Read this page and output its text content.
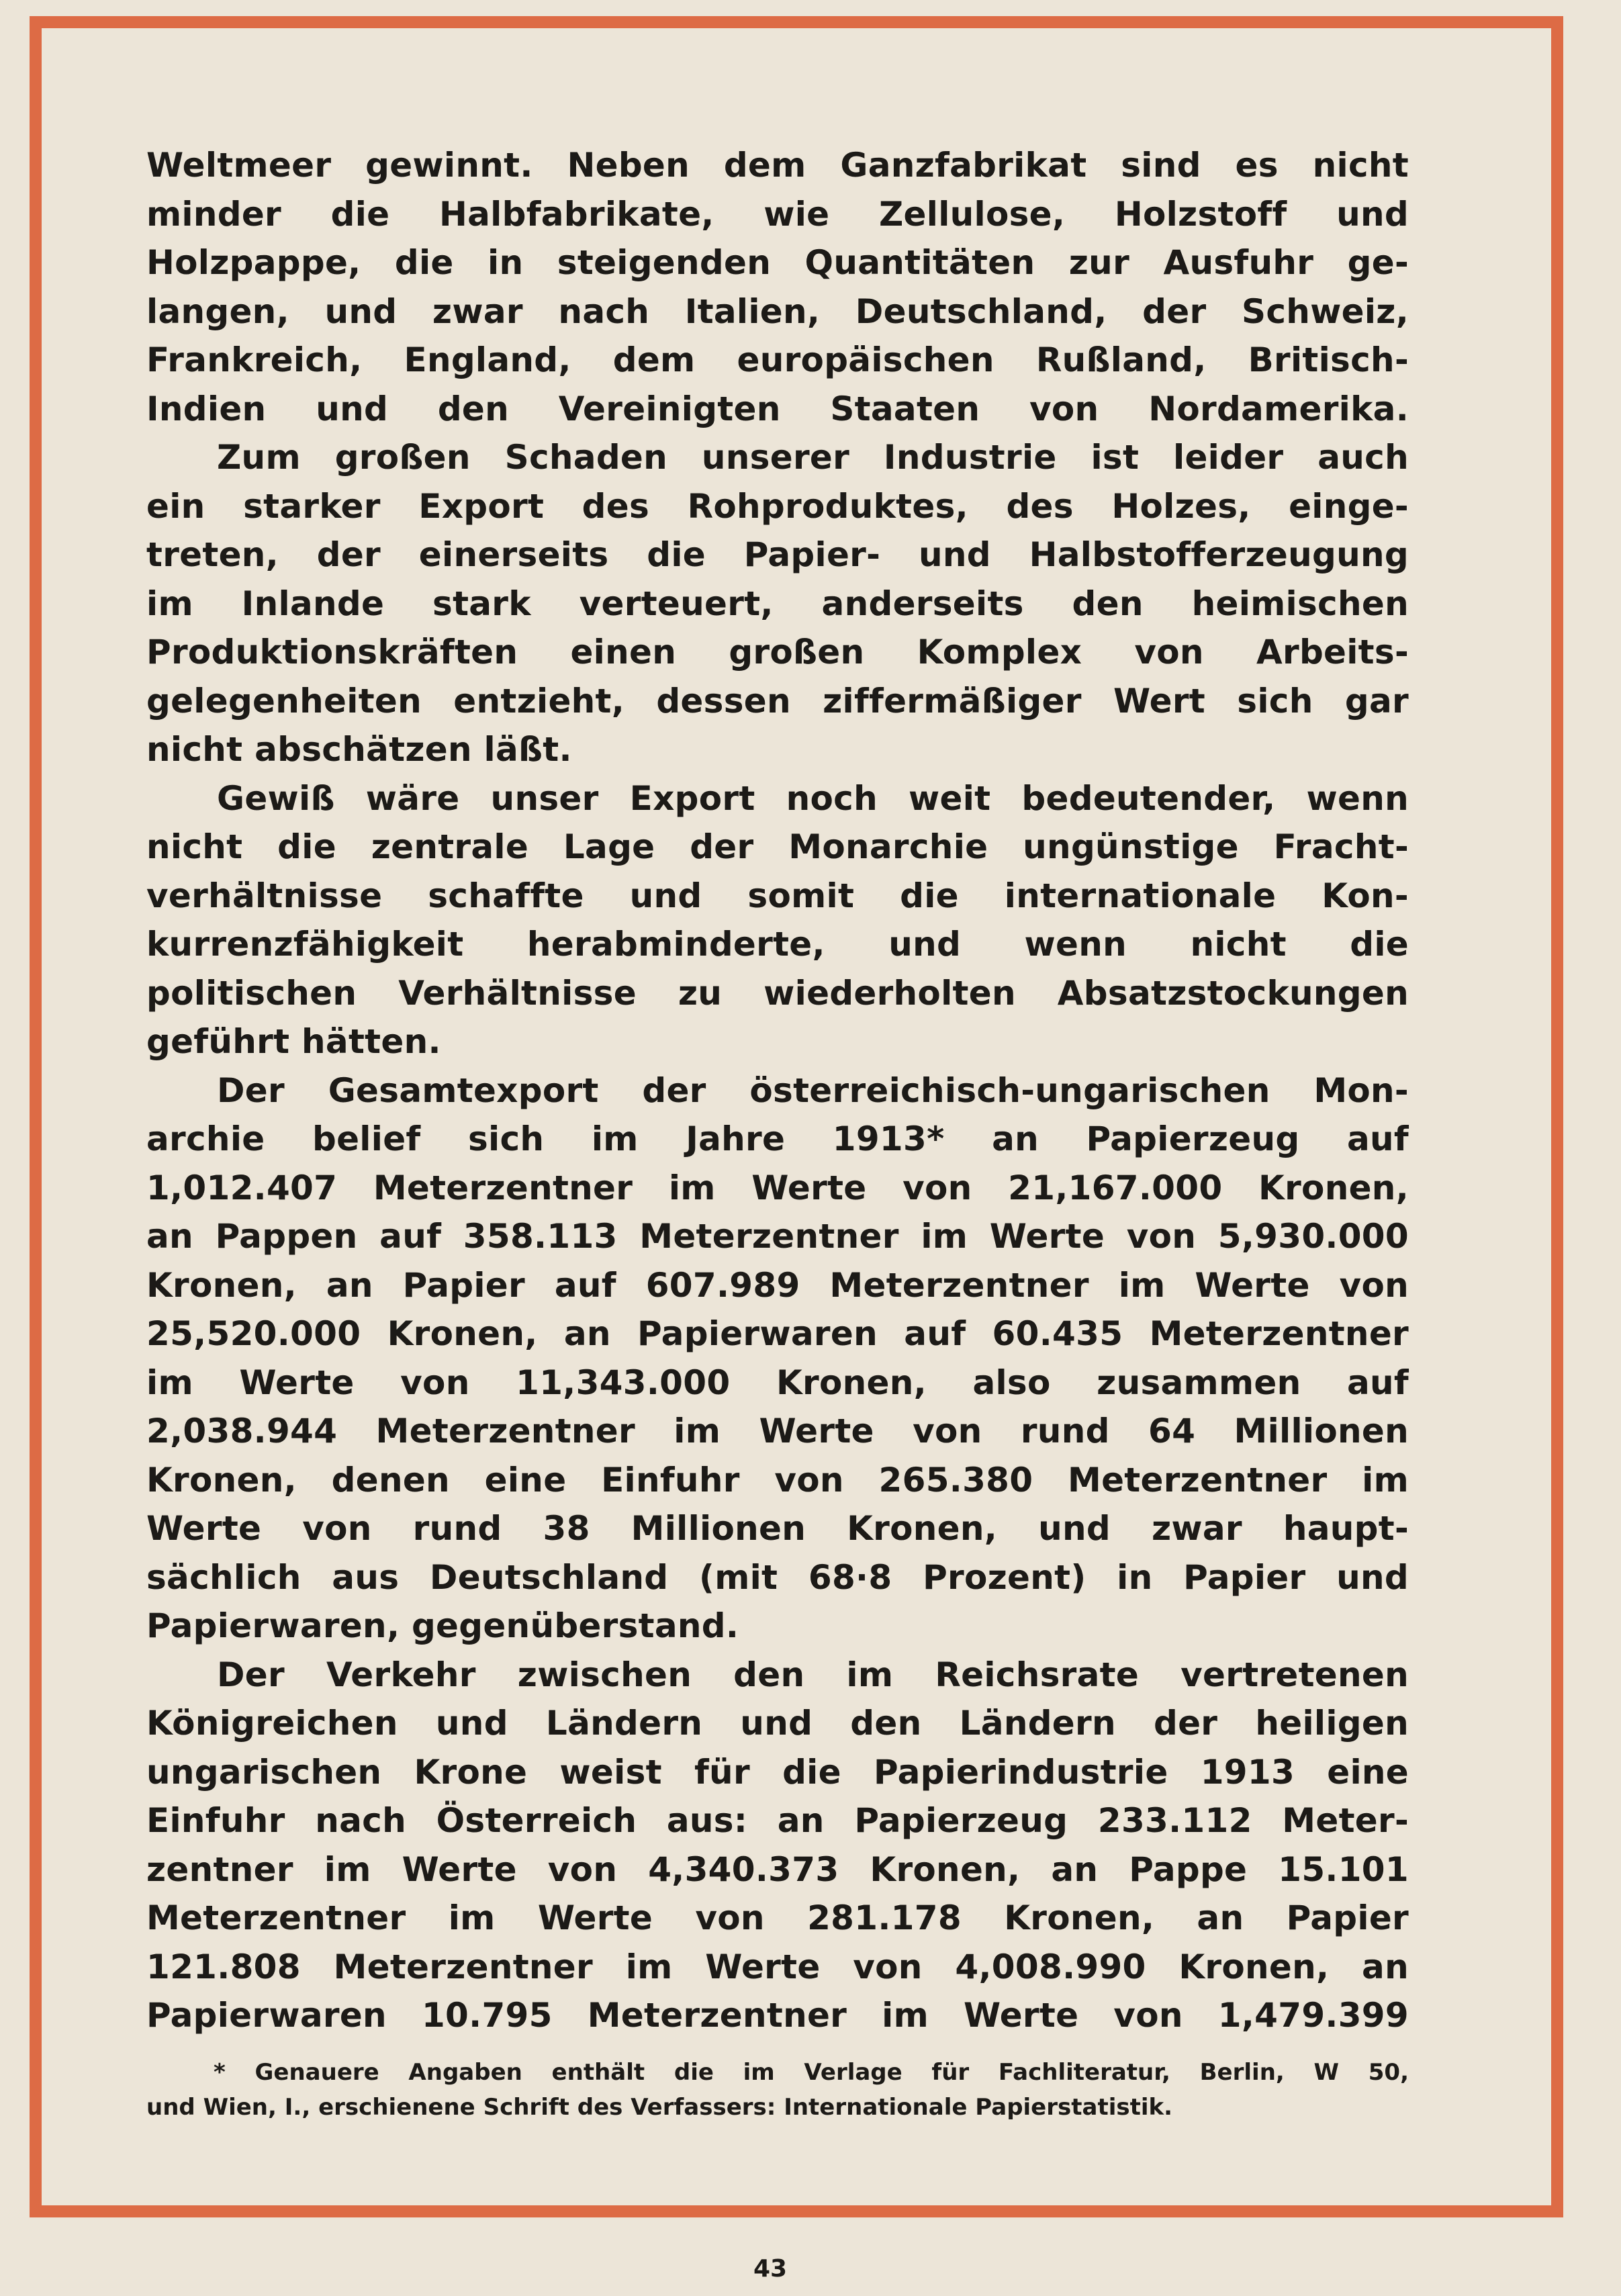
Weltmeer gewinnt. Neben dem Ganzfabrikat sind es nicht
minder die Halbfabrikate, wie Zellulose, Holzstoff und
Holzpappe, die in steigenden Quantitäten zur Ausfuhr ge-
langen, und zwar nach Italien, Deutschland, der Schweiz,
Frankreich, England, dem europäischen Rußland, Britisch-
Indien und den Vereinigten Staaten von Nordamerika.
Zum großen Schaden unserer Industrie ist leider auch
ein starker Export des Rohproduktes, des Holzes, einge-
treten, der einerseits die Papier- und Halbstofferzeugung
im Inlande stark verteuert, anderseits den heimischen
Produktionskräften einen großen Komplex von Arbeits-
gelegenheiten entzieht, dessen ziffermäßiger Wert sich gar
nicht abschätzen läßt.
Gewiß wäre unser Export noch weit bedeutender, wenn
nicht die zentrale Lage der Monarchie ungünstige Fracht-
verhältnisse schaffte und somit die internationale Kon-
kurrenzfähigkeit herabminderte, und wenn nicht die
politischen Verhältnisse zu wiederholten Absatzstockungen
geführt hätten.
Der Gesamtexport der österreichisch-ungarischen Mon-
archie belief sich im Jahre 1913* an Papierzeug auf
1,012.407 Meterzentner im Werte von 21,167.000 Kronen,
an Pappen auf 358.113 Meterzentner im Werte von 5,930.000
Kronen, an Papier auf 607.989 Meterzentner im Werte von
25,520.000 Kronen, an Papierwaren auf 60.435 Meterzentner
im Werte von 11,343.000 Kronen, also zusammen auf
2,038.944 Meterzentner im Werte von rund 64 Millionen
Kronen, denen eine Einfuhr von 265.380 Meterzentner im
Werte von rund 38 Millionen Kronen, und zwar haupt-
sächlich aus Deutschland (mit 68·8 Prozent) in Papier und
Papierwaren, gegenüberstand.
Der Verkehr zwischen den im Reichsrate vertretenen
Königreichen und Ländern und den Ländern der heiligen
ungarischen Krone weist für die Papierindustrie 1913 eine
Einfuhr nach Österreich aus: an Papierzeug 233.112 Meter-
zentner im Werte von 4,340.373 Kronen, an Pappe 15.101
Meterzentner im Werte von 281.178 Kronen, an Papier
121.808 Meterzentner im Werte von 4,008.990 Kronen, an
Papierwaren 10.795 Meterzentner im Werte von 1,479.399
* Genauere Angaben enthält die im Verlage für Fachliteratur, Berlin, W 50,
und Wien, I., erschienene Schrift des Verfassers: Internationale Papierstatistik.
43
